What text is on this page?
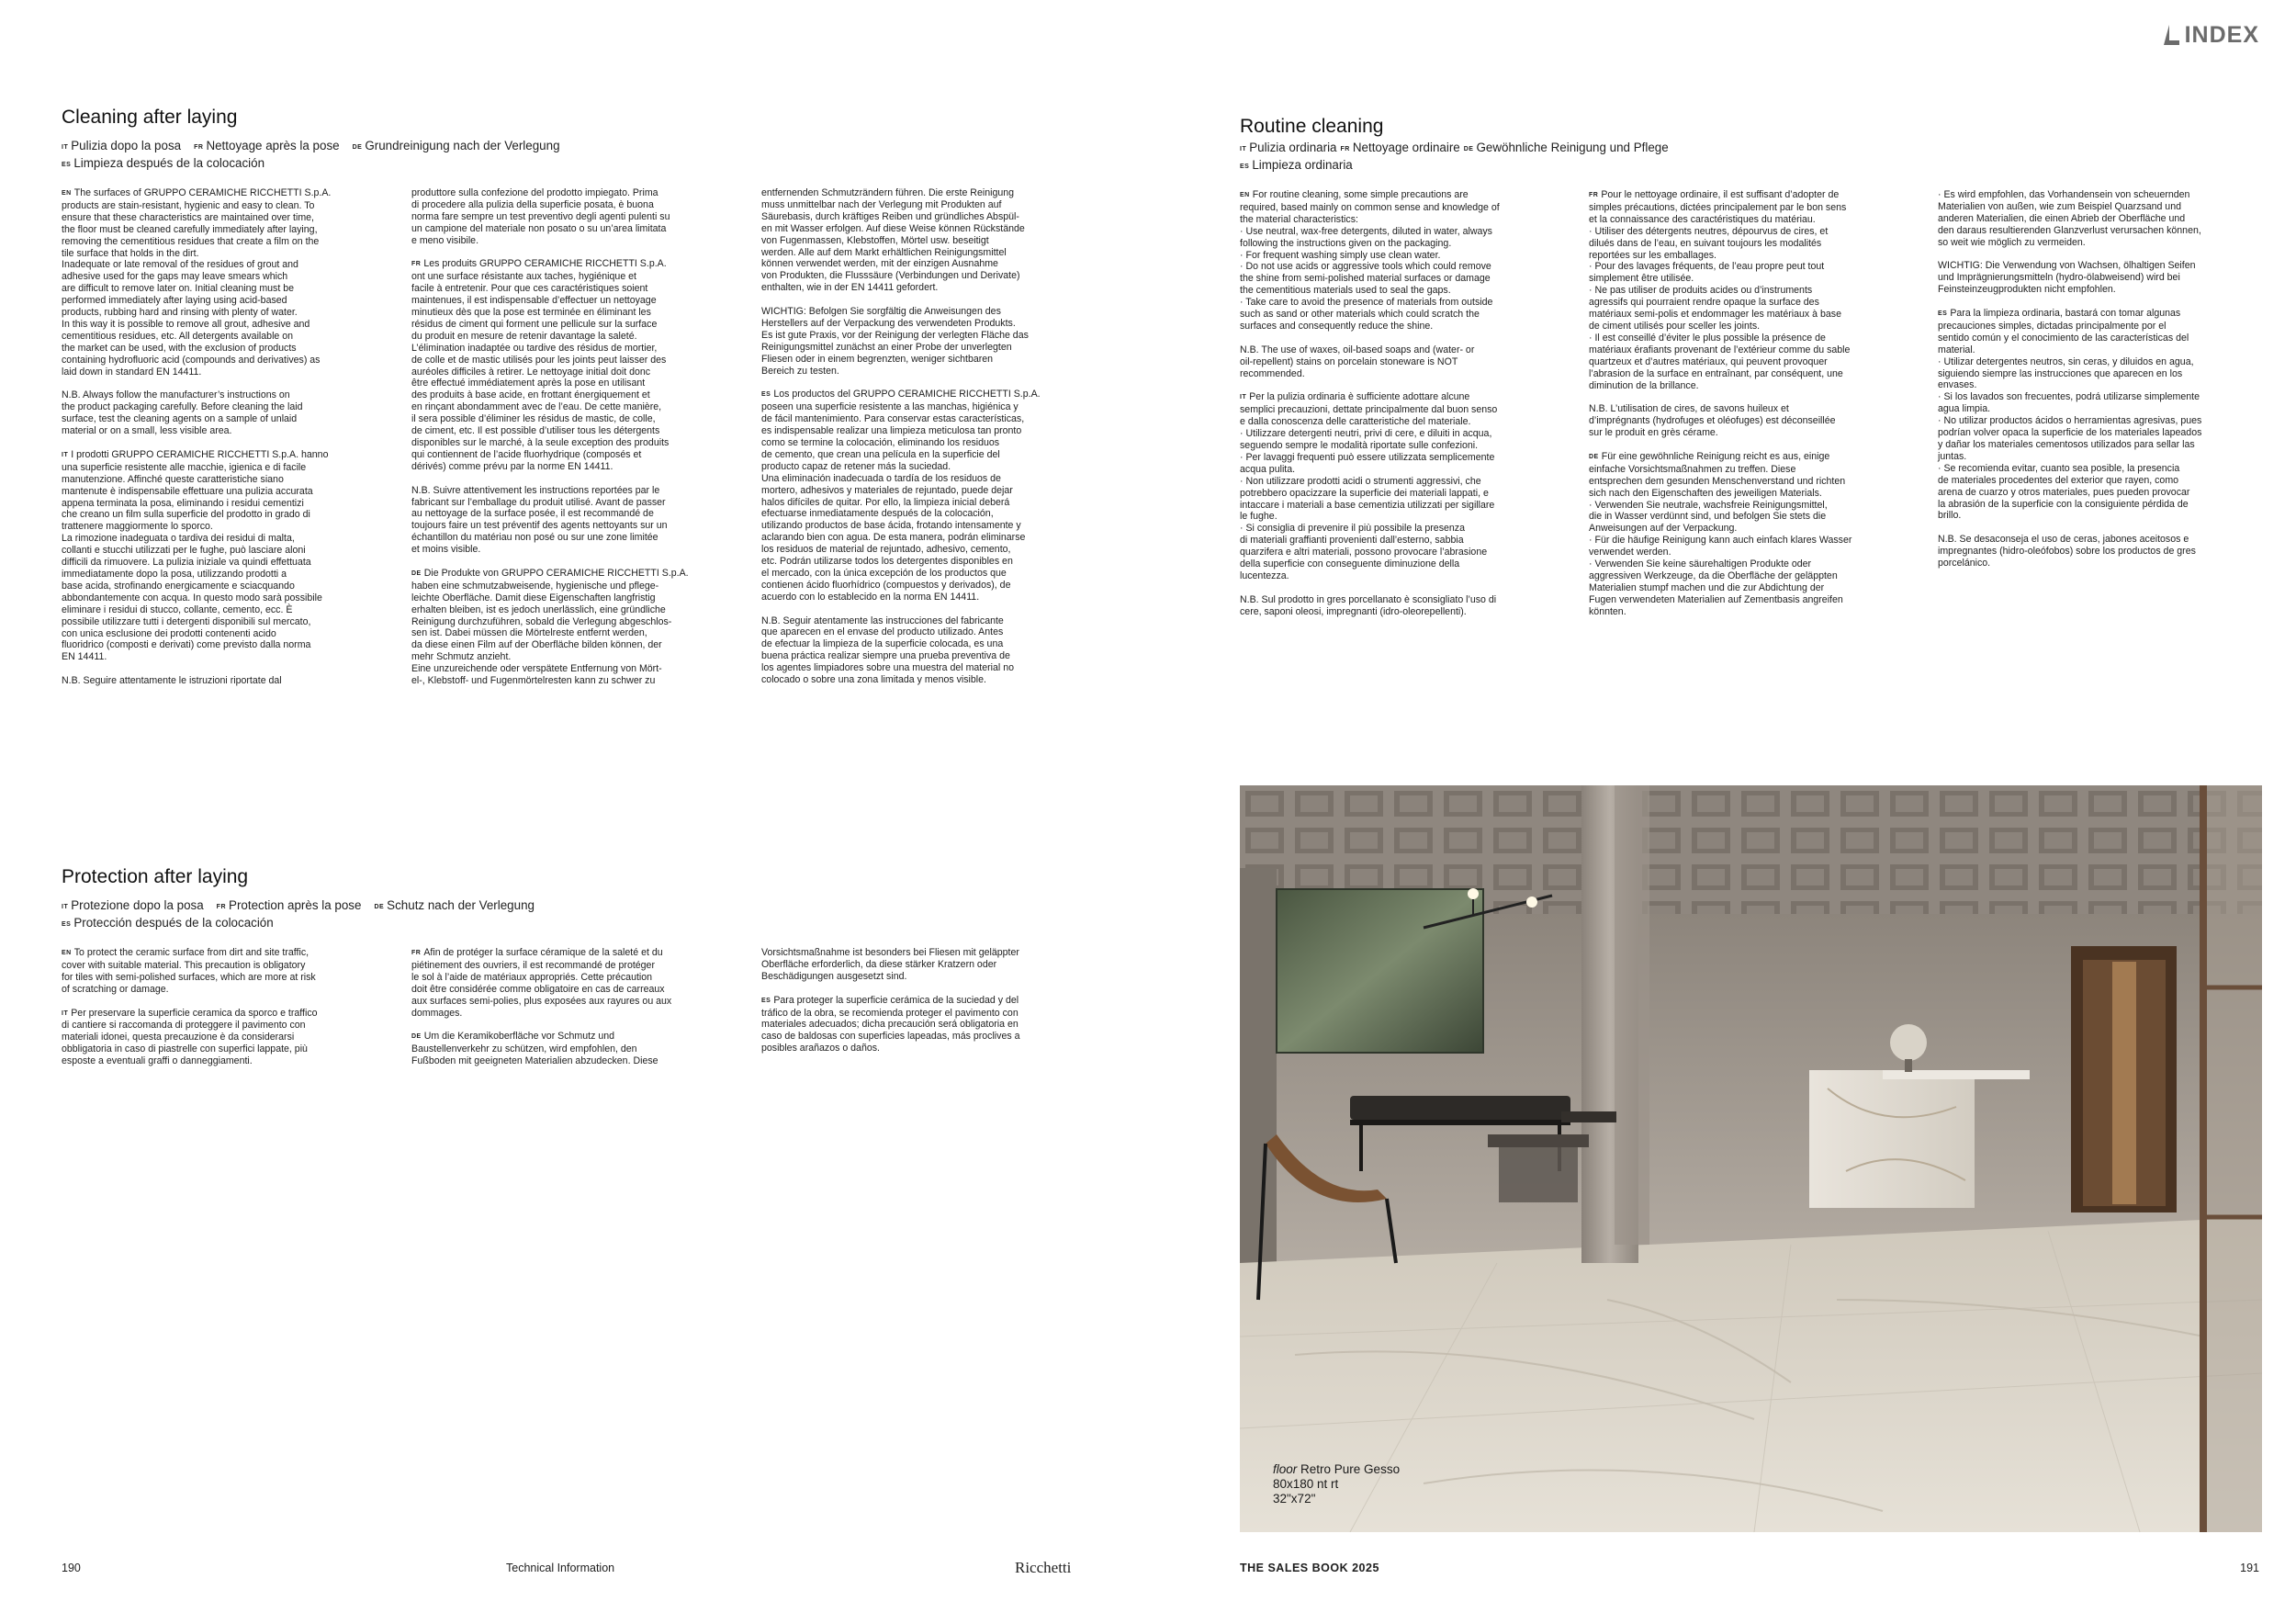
INDEX
Cleaning after laying
IT Pulizia dopo la posa FR Nettoyage après la pose DE Grundreinigung nach der Verlegung
ES Limpieza después de la colocación

EN The surfaces of GRUPPO CERAMICHE RICCHETTI S.p.A.
products are stain-resistant, hygienic and easy to clean. To
ensure that these characteristics are maintained over time,
the floor must be cleaned carefully immediately after laying,
removing the cementitious residues that create a film on the
tile surface that holds in the dirt.
Inadequate or late removal of the residues of grout and
adhesive used for the gaps may leave smears which
are difficult to remove later on. Initial cleaning must be
performed immediately after laying using acid-based
products, rubbing hard and rinsing with plenty of water.
In this way it is possible to remove all grout, adhesive and
cementitious residues, etc. All detergents available on
the market can be used, with the exclusion of products
containing hydrofluoric acid (compounds and derivatives) as
laid down in standard EN 14411.

N.B. Always follow the manufacturer’s instructions on
the product packaging carefully. Before cleaning the laid
surface, test the cleaning agents on a sample of unlaid
material or on a small, less visible area.

IT I prodotti GRUPPO CERAMICHE RICCHETTI S.p.A. hanno
una superficie resistente alle macchie, igienica e di facile
manutenzione. Affinché queste caratteristiche siano
mantenute è indispensabile effettuare una pulizia accurata
appena terminata la posa, eliminando i residui cementizi
che creano un film sulla superficie del prodotto in grado di
trattenere maggiormente lo sporco.
La rimozione inadeguata o tardiva dei residui di malta,
collanti e stucchi utilizzati per le fughe, può lasciare aloni
difficili da rimuovere. La pulizia iniziale va quindi effettuata
immediatamente dopo la posa, utilizzando prodotti a
base acida, strofinando energicamente e sciacquando
abbondantemente con acqua. In questo modo sarà possibile
eliminare i residui di stucco, collante, cemento, ecc. È
possibile utilizzare tutti i detergenti disponibili sul mercato,
con unica esclusione dei prodotti contenenti acido
fluoridrico (composti e derivati) come previsto dalla norma
EN 14411.

N.B. Seguire attentamente le istruzioni riportate dal

produttore sulla confezione del prodotto impiegato. Prima
di procedere alla pulizia della superficie posata, è buona
norma fare sempre un test preventivo degli agenti pulenti su
un campione del materiale non posato o su un’area limitata
e meno visibile.

FR Les produits GRUPPO CERAMICHE RICCHETTI S.p.A.
ont une surface résistante aux taches, hygiénique et
facile à entretenir. Pour que ces caractéristiques soient
maintenues, il est indispensable d’effectuer un nettoyage
minutieux dès que la pose est terminée en éliminant les
résidus de ciment qui forment une pellicule sur la surface
du produit en mesure de retenir davantage la saleté.
L’élimination inadaptée ou tardive des résidus de mortier,
de colle et de mastic utilisés pour les joints peut laisser des
auréoles difficiles à retirer. Le nettoyage initial doit donc
être effectué immédiatement après la pose en utilisant
des produits à base acide, en frottant énergiquement et
en rinçant abondamment avec de l’eau. De cette manière,
il sera possible d’éliminer les résidus de mastic, de colle,
de ciment, etc. Il est possible d’utiliser tous les détergents
disponibles sur le marché, à la seule exception des produits
qui contiennent de l’acide fluorhydrique (composés et
dérivés) comme prévu par la norme EN 14411.

N.B. Suivre attentivement les instructions reportées par le
fabricant sur l’emballage du produit utilisé. Avant de passer
au nettoyage de la surface posée, il est recommandé de
toujours faire un test préventif des agents nettoyants sur un
échantillon du matériau non posé ou sur une zone limitée
et moins visible.

DE Die Produkte von GRUPPO CERAMICHE RICCHETTI S.p.A.
haben eine schmutzabweisende, hygienische und pflege-
leichte Oberfläche. Damit diese Eigenschaften langfristig
erhalten bleiben, ist es jedoch unerlässlich, eine gründliche
Reinigung durchzuführen, sobald die Verlegung abgeschlos-
sen ist. Dabei müssen die Mörtelreste entfernt werden,
da diese einen Film auf der Oberfläche bilden können, der
mehr Schmutz anzieht.
Eine unzureichende oder verspätete Entfernung von Mört-
el-, Klebstoff- und Fugenmörtelresten kann zu schwer zu

entfernenden Schmutzrändern führen. Die erste Reinigung
muss unmittelbar nach der Verlegung mit Produkten auf
Säurebasis, durch kräftiges Reiben und gründliches Abspül-
en mit Wasser erfolgen. Auf diese Weise können Rückstände
von Fugenmassen, Klebstoffen, Mörtel usw. beseitigt
werden. Alle auf dem Markt erhältlichen Reinigungsmittel
können verwendet werden, mit der einzigen Ausnahme
von Produkten, die Flusssäure (Verbindungen und Derivate)
enthalten, wie in der EN 14411 gefordert.

WICHTIG: Befolgen Sie sorgfältig die Anweisungen des
Herstellers auf der Verpackung des verwendeten Produkts.
Es ist gute Praxis, vor der Reinigung der verlegten Fläche das
Reinigungsmittel zunächst an einer Probe der unverlegten
Fliesen oder in einem begrenzten, weniger sichtbaren
Bereich zu testen.

ES Los productos del GRUPPO CERAMICHE RICCHETTI S.p.A.
poseen una superficie resistente a las manchas, higiénica y
de fácil mantenimiento. Para conservar estas características,
es indispensable realizar una limpieza meticulosa tan pronto
como se termine la colocación, eliminando los residuos
de cemento, que crean una película en la superficie del
producto capaz de retener más la suciedad.
Una eliminación inadecuada o tardía de los residuos de
mortero, adhesivos y materiales de rejuntado, puede dejar
halos difíciles de quitar. Por ello, la limpieza inicial deberá
efectuarse inmediatamente después de la colocación,
utilizando productos de base ácida, frotando intensamente y
aclarando bien con agua. De esta manera, podrán eliminarse
los residuos de material de rejuntado, adhesivo, cemento,
etc. Podrán utilizarse todos los detergentes disponibles en
el mercado, con la única excepción de los productos que
contienen ácido fluorhídrico (compuestos y derivados), de
acuerdo con lo establecido en la norma EN 14411.

N.B. Seguir atentamente las instrucciones del fabricante
que aparecen en el envase del producto utilizado. Antes
de efectuar la limpieza de la superficie colocada, es una
buena práctica realizar siempre una prueba preventiva de
los agentes limpiadores sobre una muestra del material no
colocado o sobre una zona limitada y menos visible.

Protection after laying
IT Protezione dopo la posa FR Protection après la pose DE Schutz nach der Verlegung
ES Protección después de la colocación

EN To protect the ceramic surface from dirt and site traffic,
cover with suitable material. This precaution is obligatory
for tiles with semi-polished surfaces, which are more at risk
of scratching or damage.

IT Per preservare la superficie ceramica da sporco e traffico
di cantiere si raccomanda di proteggere il pavimento con
materiali idonei, questa precauzione è da considerarsi
obbligatoria in caso di piastrelle con superfici lappate, più
esposte a eventuali graffi o danneggiamenti.

FR Afin de protéger la surface céramique de la saleté et du
piétinement des ouvriers, il est recommandé de protéger
le sol à l’aide de matériaux appropriés. Cette précaution
doit être considérée comme obligatoire en cas de carreaux
aux surfaces semi-polies, plus exposées aux rayures ou aux
dommages.

DE Um die Keramikoberfläche vor Schmutz und
Baustellenverkehr zu schützen, wird empfohlen, den
Fußboden mit geeigneten Materialien abzudecken. Diese

Vorsichtsmaßnahme ist besonders bei Fliesen mit geläppter
Oberfläche erforderlich, da diese stärker Kratzern oder
Beschädigungen ausgesetzt sind.

ES Para proteger la superficie cerámica de la suciedad y del
tráfico de la obra, se recomienda proteger el pavimento con
materiales adecuados; dicha precaución será obligatoria en
caso de baldosas con superficies lapeadas, más proclives a
posibles arañazos o daños.

Routine cleaning
IT Pulizia ordinaria FR Nettoyage ordinaire DE Gewöhnliche Reinigung und Pflege
ES Limpieza ordinaria

EN For routine cleaning, some simple precautions are
required, based mainly on common sense and knowledge of
the material characteristics:
· Use neutral, wax-free detergents, diluted in water, always
following the instructions given on the packaging.
· For frequent washing simply use clean water.
· Do not use acids or aggressive tools which could remove
the shine from semi-polished material surfaces or damage
the cementitious materials used to seal the gaps.
· Take care to avoid the presence of materials from outside
such as sand or other materials which could scratch the
surfaces and consequently reduce the shine.

N.B. The use of waxes, oil-based soaps and (water- or
oil-repellent) stains on porcelain stoneware is NOT
recommended.

IT Per la pulizia ordinaria è sufficiente adottare alcune
semplici precauzioni, dettate principalmente dal buon senso
e dalla conoscenza delle caratteristiche del materiale.
· Utilizzare detergenti neutri, privi di cere, e diluiti in acqua,
seguendo sempre le modalità riportate sulle confezioni.
· Per lavaggi frequenti può essere utilizzata semplicemente
acqua pulita.
· Non utilizzare prodotti acidi o strumenti aggressivi, che
potrebbero opacizzare la superficie dei materiali lappati, e
intaccare i materiali a base cementizia utilizzati per sigillare
le fughe.
· Si consiglia di prevenire il più possibile la presenza
di materiali graffianti provenienti dall’esterno, sabbia
quarzifera e altri materiali, possono provocare l’abrasione
della superficie con conseguente diminuzione della
lucentezza.

N.B. Sul prodotto in gres porcellanato è sconsigliato l’uso di
cere, saponi oleosi, impregnanti (idro-oleorepellenti).

FR Pour le nettoyage ordinaire, il est suffisant d’adopter de
simples précautions, dictées principalement par le bon sens
et la connaissance des caractéristiques du matériau.
· Utiliser des détergents neutres, dépourvus de cires, et
dilués dans de l’eau, en suivant toujours les modalités
reportées sur les emballages.
· Pour des lavages fréquents, de l’eau propre peut tout
simplement être utilisée.
· Ne pas utiliser de produits acides ou d’instruments
agressifs qui pourraient rendre opaque la surface des
matériaux semi-polis et endommager les matériaux à base
de ciment utilisés pour sceller les joints.
· Il est conseillé d’éviter le plus possible la présence de
matériaux érafiants provenant de l’extérieur comme du sable
quartzeux et d’autres matériaux, qui peuvent provoquer
l’abrasion de la surface en entraînant, par conséquent, une
diminution de la brillance.

N.B. L’utilisation de cires, de savons huileux et
d’imprégnants (hydrofuges et oléofuges) est déconseillée
sur le produit en grès cérame.

DE Für eine gewöhnliche Reinigung reicht es aus, einige
einfache Vorsichtsmaßnahmen zu treffen. Diese
entsprechen dem gesunden Menschenverstand und richten
sich nach den Eigenschaften des jeweiligen Materials.
· Verwenden Sie neutrale, wachsfreie Reinigungsmittel,
die in Wasser verdünnt sind, und befolgen Sie stets die
Anweisungen auf der Verpackung.
· Für die häufige Reinigung kann auch einfach klares Wasser
verwendet werden.
· Verwenden Sie keine säurehaltigen Produkte oder
aggressiven Werkzeuge, da die Oberfläche der geläppten
Materialien stumpf machen und die zur Abdichtung der
Fugen verwendeten Materialien auf Zementbasis angreifen
könnten.

· Es wird empfohlen, das Vorhandensein von scheuernden
Materialien von außen, wie zum Beispiel Quarzsand und
anderen Materialien, die einen Abrieb der Oberfläche und
den daraus resultierenden Glanzverlust verursachen können,
so weit wie möglich zu vermeiden.

WICHTIG: Die Verwendung von Wachsen, ölhaltigen Seifen
und Imprägnierungsmitteln (hydro-ölabweisend) wird bei
Feinsteinzeugprodukten nicht empfohlen.

ES Para la limpieza ordinaria, bastará con tomar algunas
precauciones simples, dictadas principalmente por el
sentido común y el conocimiento de las características del
material.
· Utilizar detergentes neutros, sin ceras, y diluidos en agua,
siguiendo siempre las instrucciones que aparecen en los
envases.
· Si los lavados son frecuentes, podrá utilizarse simplemente
agua limpia.
· No utilizar productos ácidos o herramientas agresivas, pues
podrían volver opaca la superficie de los materiales lapeados
y dañar los materiales cementosos utilizados para sellar las
juntas.
· Se recomienda evitar, cuanto sea posible, la presencia
de materiales procedentes del exterior que rayen, como
arena de cuarzo y otros materiales, pues pueden provocar
la abrasión de la superficie con la consiguiente pérdida de
brillo.

N.B. Se desaconseja el uso de ceras, jabones aceitosos e
impregnantes (hidro-oleófobos) sobre los productos de gres
porcelánico.

floor Retro Pure Gesso
80x180 nt rt
32"x72"
190	Technical Information	Ricchetti	THE SALES BOOK 2025	191
